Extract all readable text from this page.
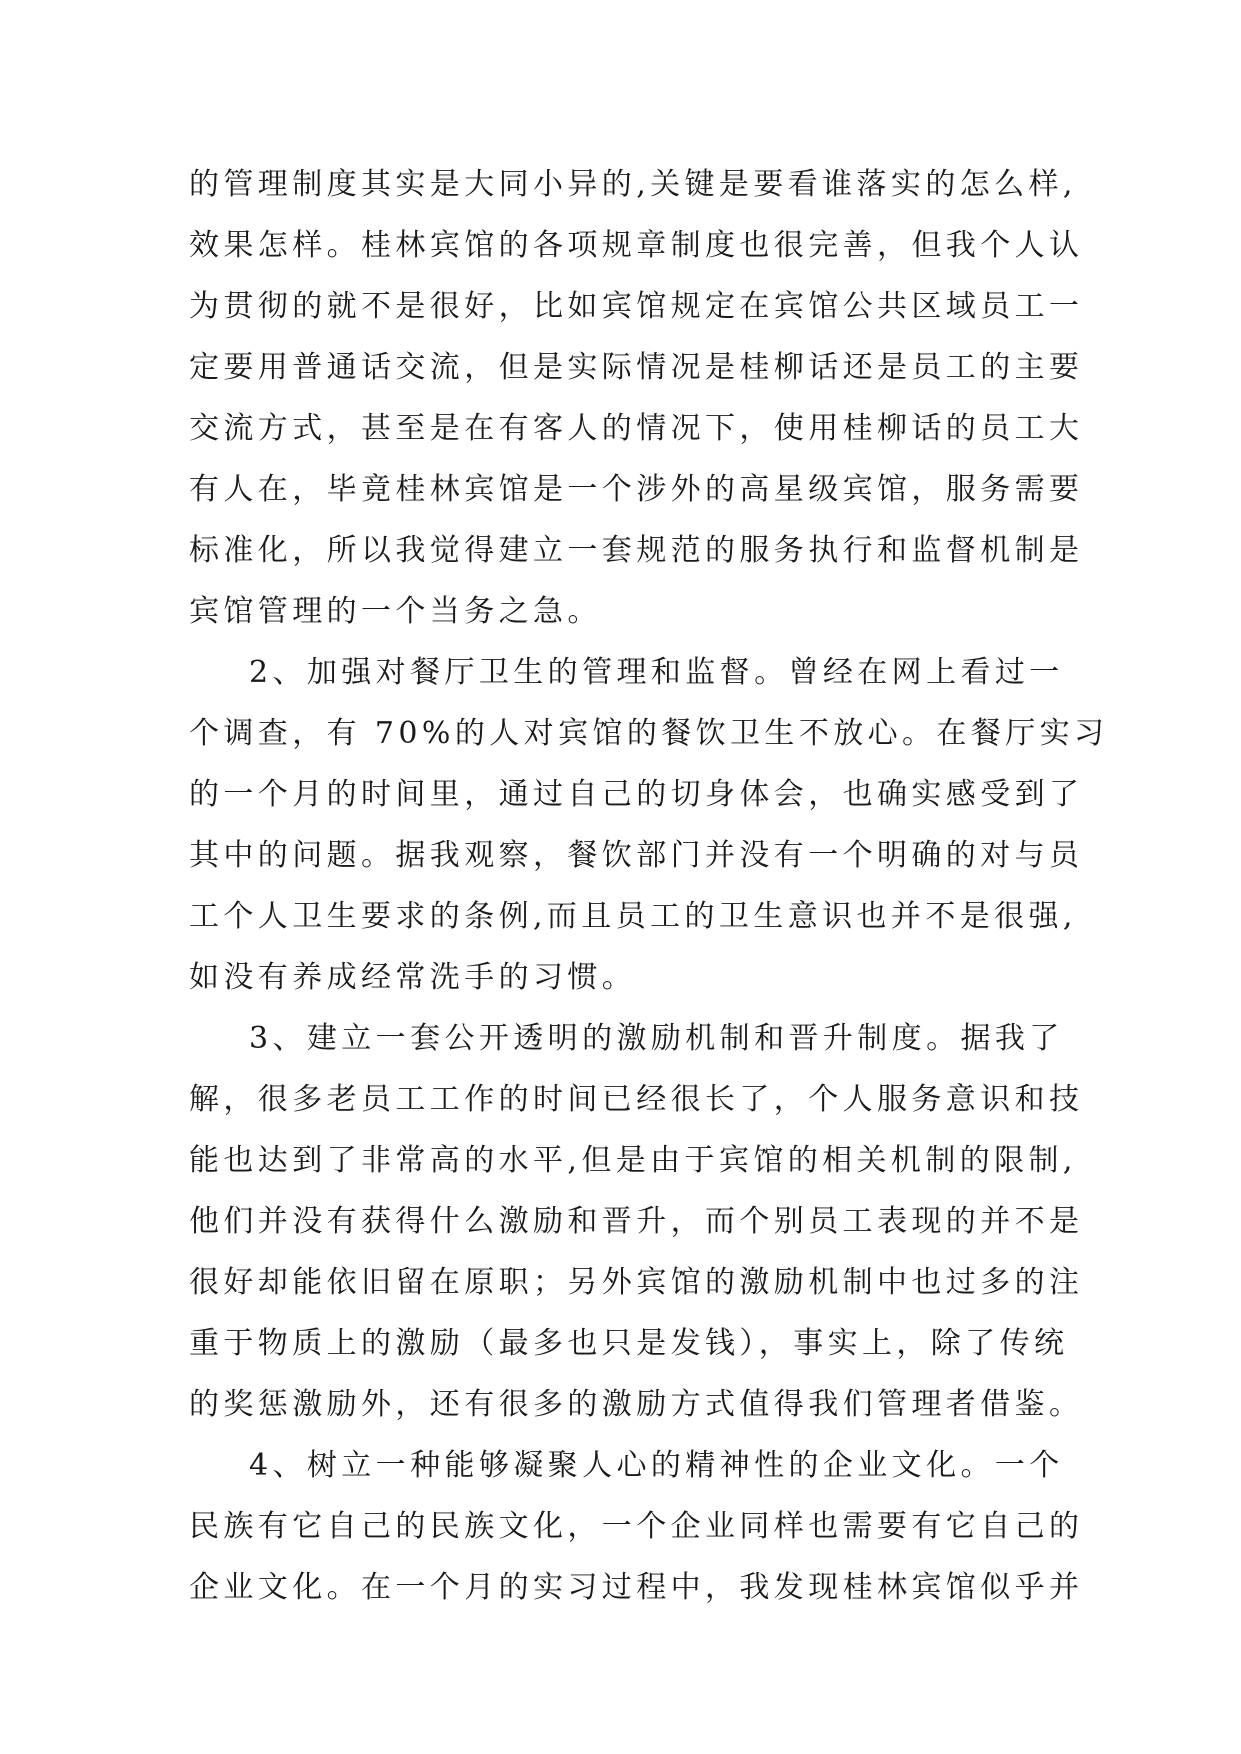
的管理制度其实是大同小异的,关键是要看谁落实的怎么样,
效果怎样。桂林宾馆的各项规章制度也很完善，但我个人认
为贯彻的就不是很好，比如宾馆规定在宾馆公共区域员工一
定要用普通话交流，但是实际情况是桂柳话还是员工的主要
交流方式，甚至是在有客人的情况下，使用桂柳话的员工大
有人在，毕竟桂林宾馆是一个涉外的高星级宾馆，服务需要
标准化，所以我觉得建立一套规范的服务执行和监督机制是
宾馆管理的一个当务之急。
2、加强对餐厅卫生的管理和监督。曾经在网上看过一
个调查，有 70%的人对宾馆的餐饮卫生不放心。在餐厅实习
的一个月的时间里，通过自己的切身体会，也确实感受到了
其中的问题。据我观察，餐饮部门并没有一个明确的对与员
工个人卫生要求的条例,而且员工的卫生意识也并不是很强,
如没有养成经常洗手的习惯。
3、建立一套公开透明的激励机制和晋升制度。据我了
解，很多老员工工作的时间已经很长了，个人服务意识和技
能也达到了非常高的水平,但是由于宾馆的相关机制的限制,
他们并没有获得什么激励和晋升，而个别员工表现的并不是
很好却能依旧留在原职；另外宾馆的激励机制中也过多的注
重于物质上的激励（最多也只是发钱），事实上，除了传统
的奖惩激励外，还有很多的激励方式值得我们管理者借鉴。
4、树立一种能够凝聚人心的精神性的企业文化。一个
民族有它自己的民族文化，一个企业同样也需要有它自己的
企业文化。在一个月的实习过程中，我发现桂林宾馆似乎并
